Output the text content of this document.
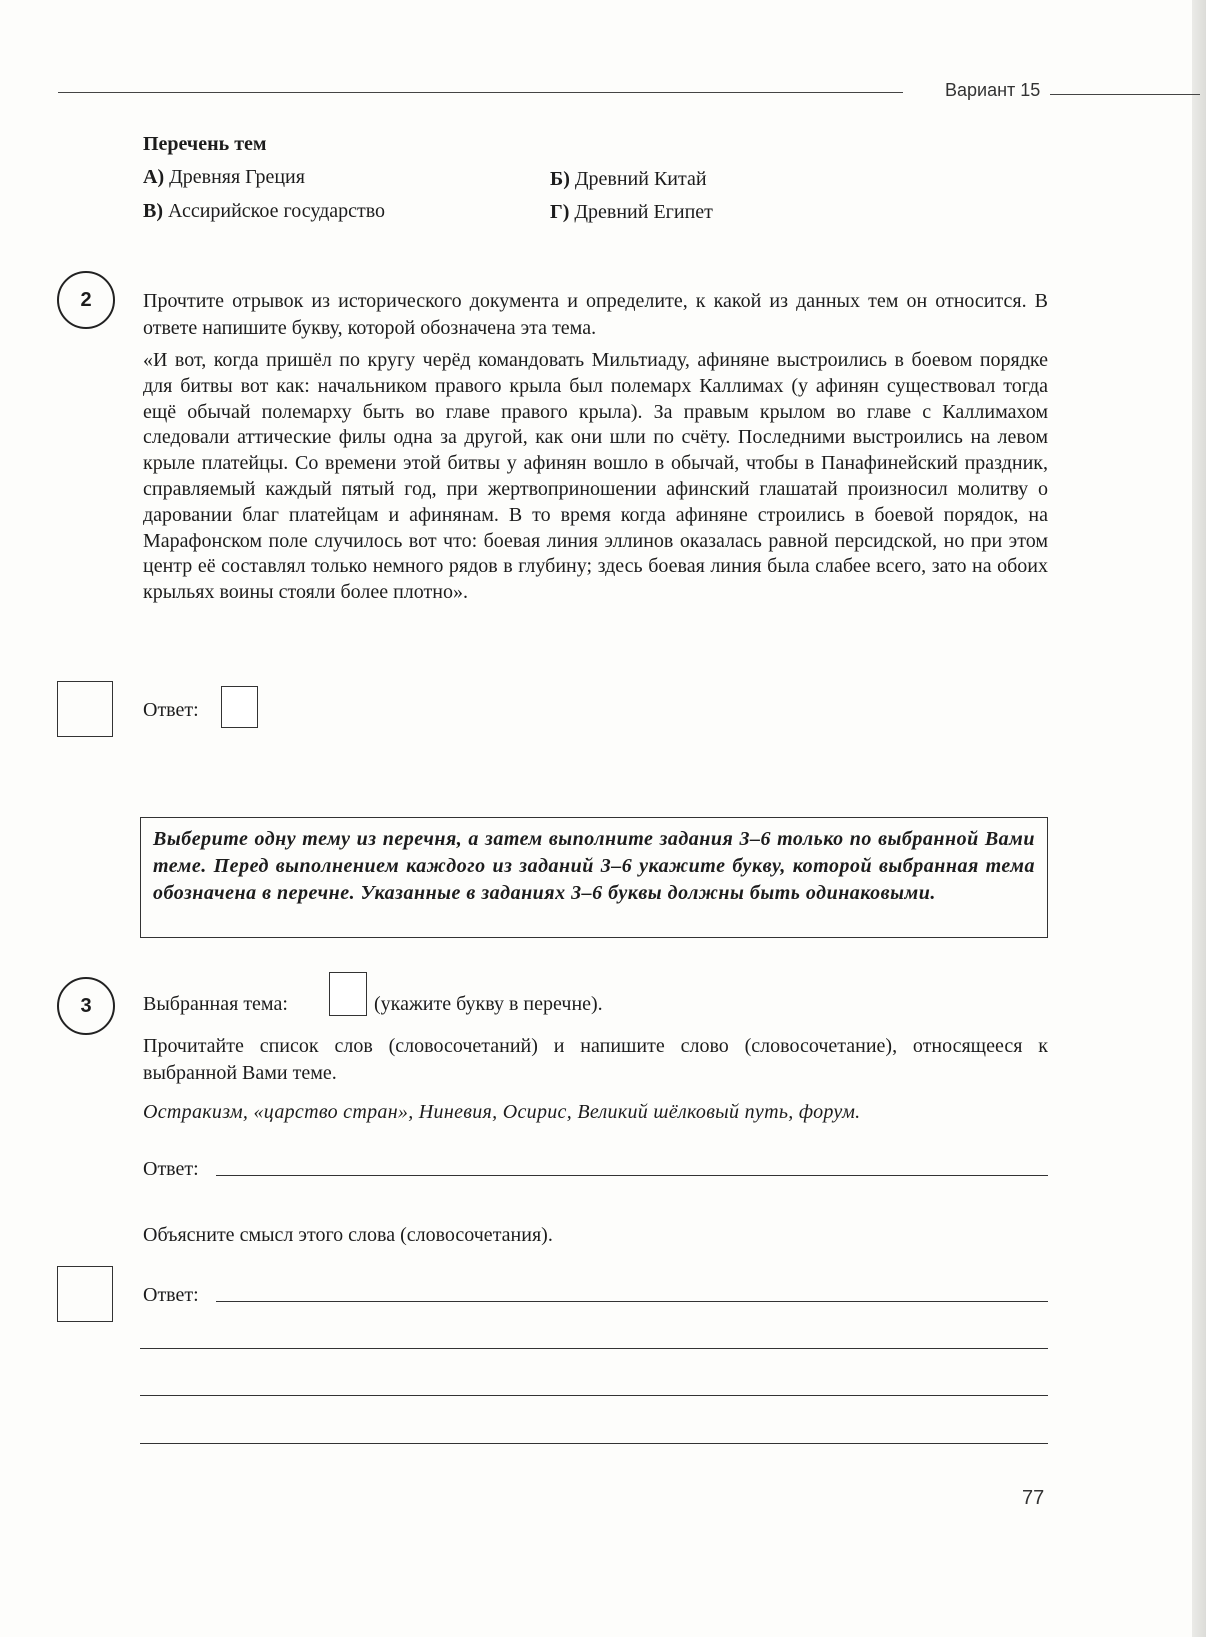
Вариант 15
Перечень тем
А) Древняя Греция	Б) Древний Китай
В) Ассирийское государство	Г) Древний Египет
2	Прочтите отрывок из исторического документа и определите, к какой из данных тем он относится. В ответе напишите букву, которой обозначена эта тема.
«И вот, когда пришёл по кругу черёд командовать Мильтиаду, афиняне выстроились в боевом порядке для битвы вот как: начальником правого крыла был полемарх Каллимах (у афинян существовал тогда ещё обычай полемарху быть во главе правого крыла). За правым крылом во главе с Каллимахом следовали аттические филы одна за другой, как они шли по счёту. Последними выстроились на левом крыле платейцы. Со времени этой битвы у афинян вошло в обычай, чтобы в Панафинейский праздник, справляемый каждый пятый год, при жертвоприношении афинский глашатай произносил молитву о даровании благ платейцам и афинянам. В то время когда афиняне строились в боевой порядок, на Марафонском поле случилось вот что: боевая линия эллинов оказалась равной персидской, но при этом центр её составлял только немного рядов в глубину; здесь боевая линия была слабее всего, зато на обоих крыльях воины стояли более плотно».
Ответ:
Выберите одну тему из перечня, а затем выполните задания 3–6 только по выбранной Вами теме. Перед выполнением каждого из заданий 3–6 укажите букву, которой выбранная тема обозначена в перечне. Указанные в заданиях 3–6 буквы должны быть одинаковыми.
3	Выбранная тема:	(укажите букву в перечне).
Прочитайте список слов (словосочетаний) и напишите слово (словосочетание), относящееся к выбранной Вами теме.
Остракизм, «царство стран», Ниневия, Осирис, Великий шёлковый путь, форум.
Ответ:
Объясните смысл этого слова (словосочетания).
Ответ:
77
